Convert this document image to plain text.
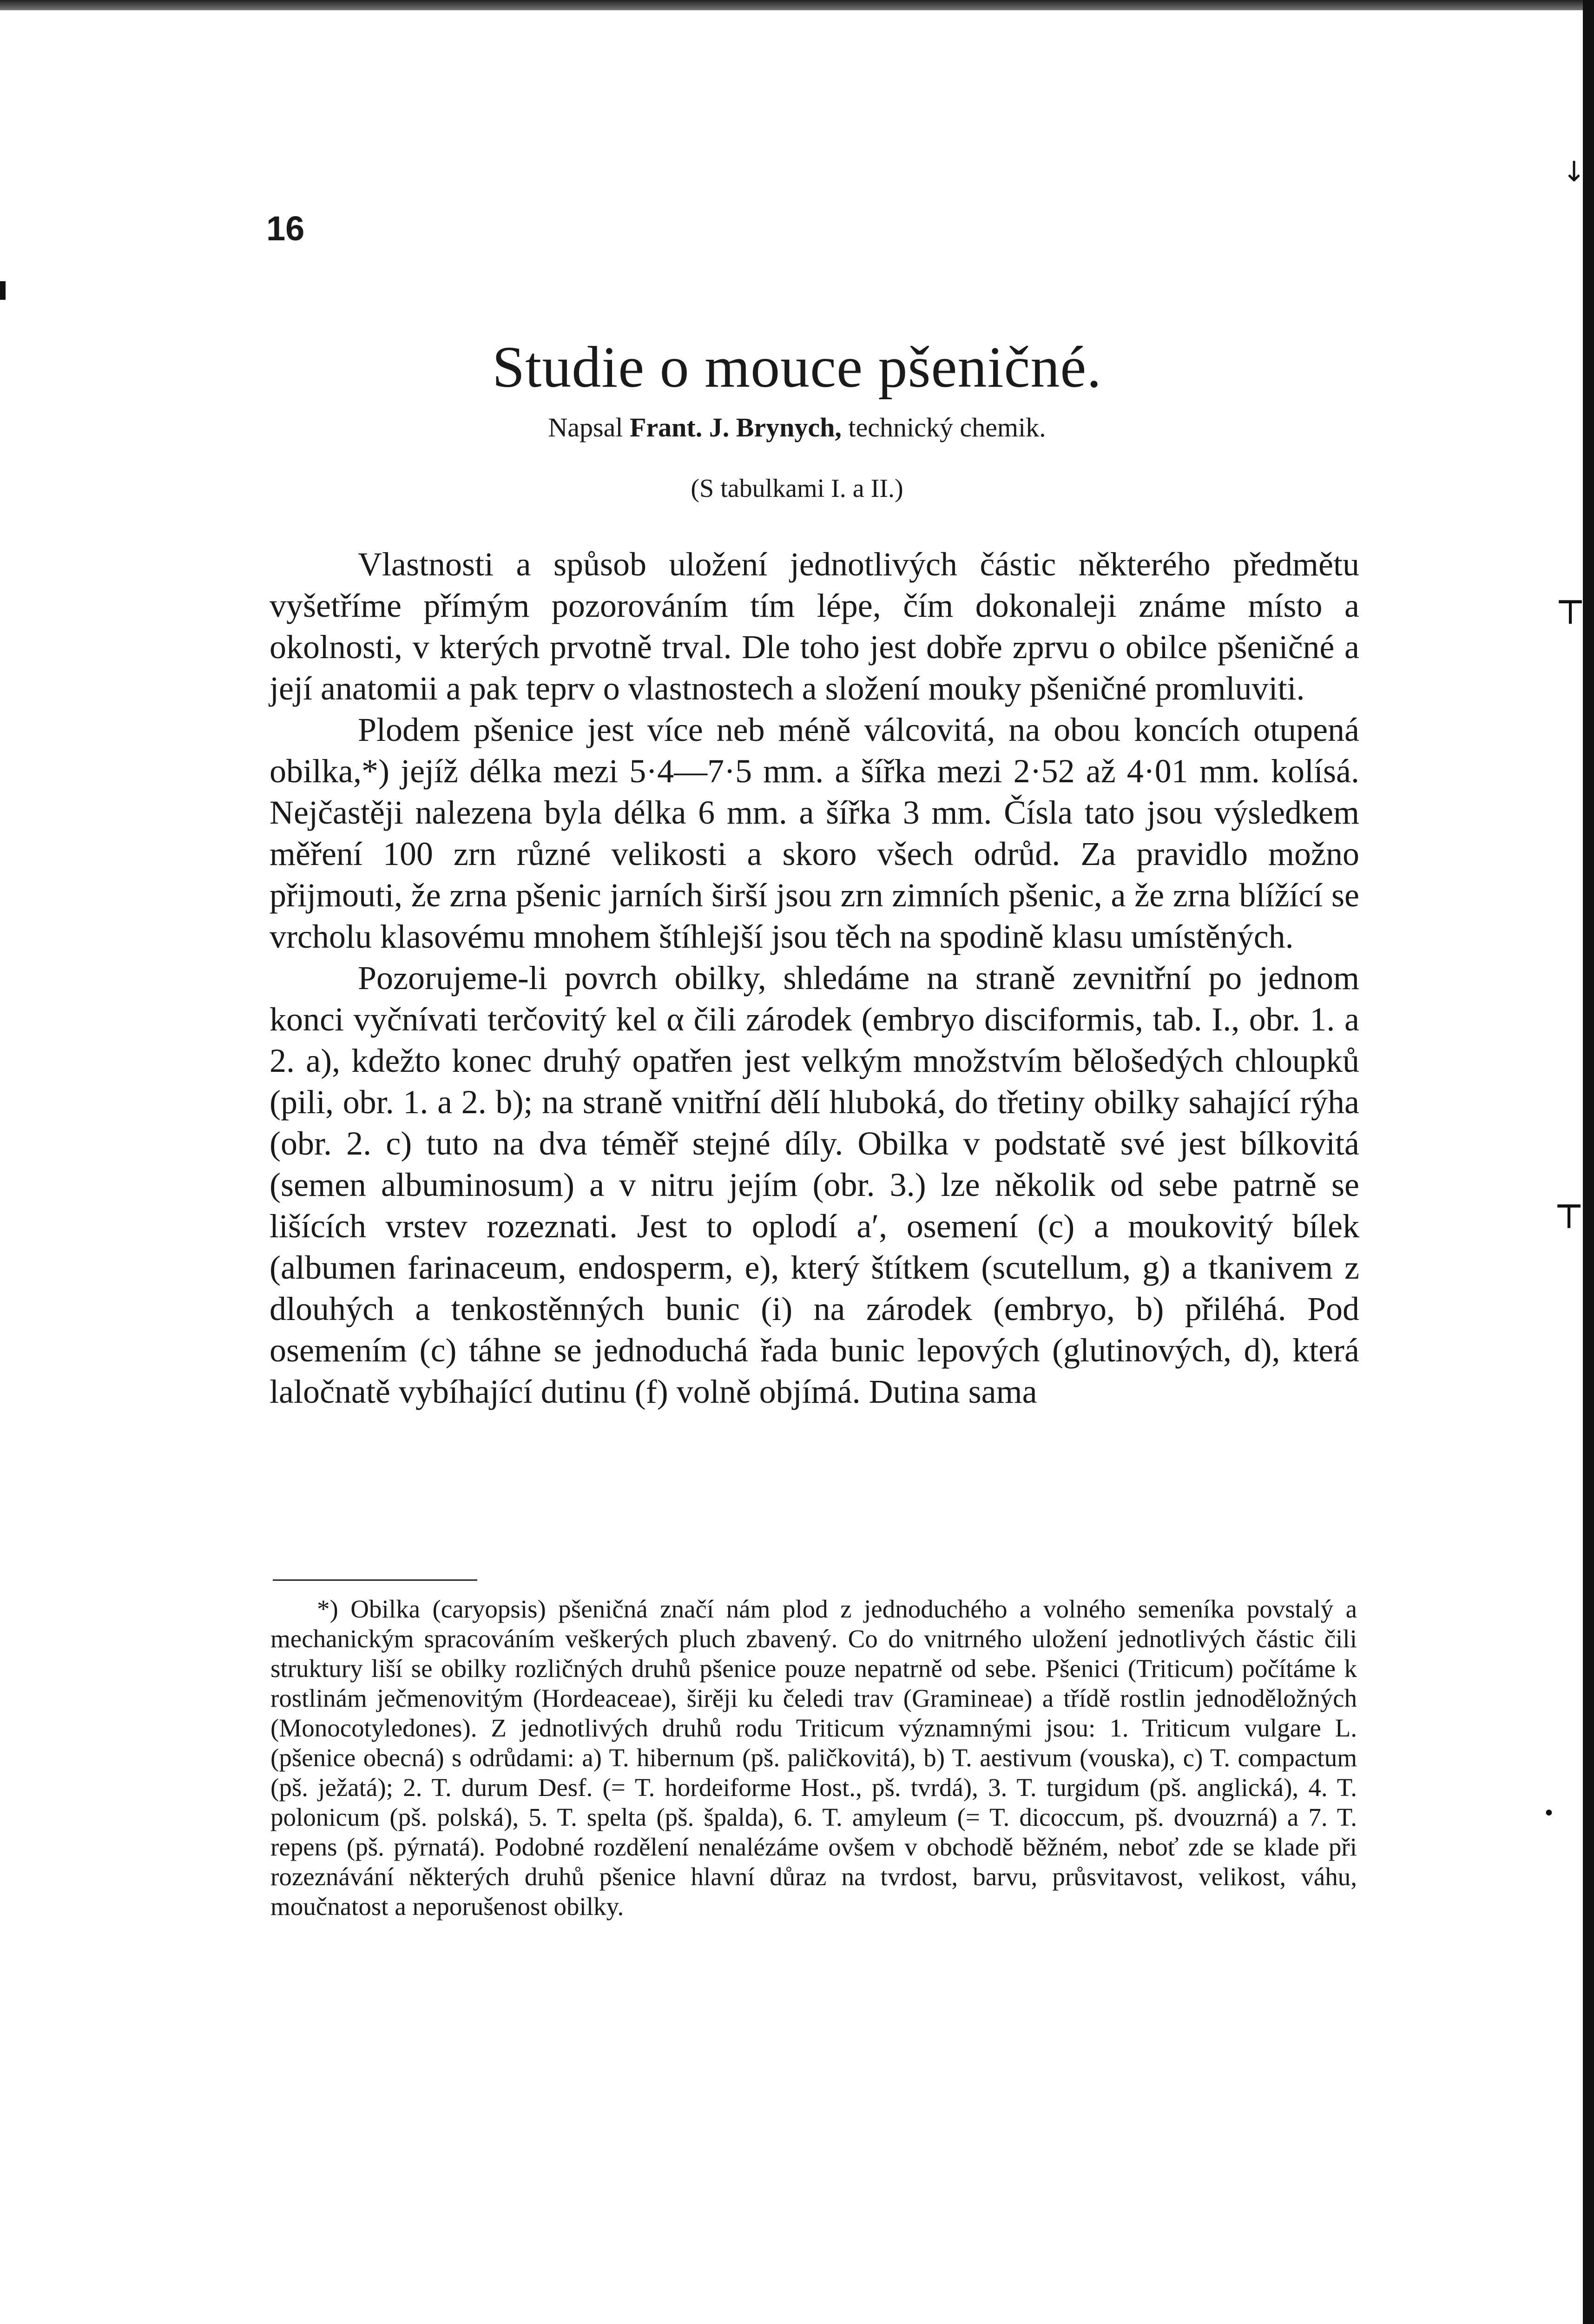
↓
┬
┬
•
16
Studie o mouce pšeničné.
Napsal Frant. J. Brynych, technický chemik.
(S tabulkami I. a II.)

Vlastnosti a spůsob uložení jednotlivých částic některého předmětu vyšetříme přímým pozorováním tím lépe, čím dokonaleji známe místo a okolnosti, v kterých prvotně trval. Dle toho jest dobře zprvu o obilce pšeničné a její anatomii a pak teprv o vlastnostech a složení mouky pšeničné promluviti.

Plodem pšenice jest více neb méně válcovitá, na obou koncích otupená obilka,*) jejíž délka mezi 5·4—7·5 mm. a šířka mezi 2·52 až 4·01 mm. kolísá. Nejčastěji nalezena byla délka 6 mm. a šířka 3 mm. Čísla tato jsou výsledkem měření 100 zrn různé velikosti a skoro všech odrůd. Za pravidlo možno přijmouti, že zrna pšenic jarních širší jsou zrn zimních pšenic, a že zrna blížící se vrcholu klasovému mnohem štíhlejší jsou těch na spodině klasu umístěných.

Pozorujeme-li povrch obilky, shledáme na straně zevnitřní po jednom konci vyčnívati terčovitý kel α čili zárodek (embryo disciformis, tab. I., obr. 1. a 2. a), kdežto konec druhý opatřen jest velkým množstvím bělošedých chloupků (pili, obr. 1. a 2. b); na straně vnitřní dělí hluboká, do třetiny obilky sahající rýha (obr. 2. c) tuto na dva téměř stejné díly. Obilka v podstatě své jest bílkovitá (semen albuminosum) a v nitru jejím (obr. 3.) lze několik od sebe patrně se lišících vrstev rozeznati. Jest to oplodí a′, osemení (c) a moukovitý bílek (albumen farinaceum, endosperm, e), který štítkem (scutellum, g) a tkanivem z dlouhých a tenkostěnných bunic (i) na zárodek (embryo, b) přiléhá. Pod osemením (c) táhne se jednoduchá řada bunic lepových (glutinových, d), která laločnatě vybíhající dutinu (f) volně objímá. Dutina sama

*) Obilka (caryopsis) pšeničná značí nám plod z jednoduchého a volného semeníka povstalý a mechanickým spracováním veškerých pluch zbavený. Co do vnitrného uložení jednotlivých částic čili struktury liší se obilky rozličných druhů pšenice pouze nepatrně od sebe. Pšenici (Triticum) počítáme k rostlinám ječmenovitým (Hordeaceae), širěji ku čeledi trav (Gramineae) a třídě rostlin jednoděložných (Monocotyledones). Z jednotlivých druhů rodu Triticum významnými jsou: 1. Triticum vulgare L. (pšenice obecná) s odrůdami: a) T. hibernum (pš. paličkovitá), b) T. aestivum (vouska), c) T. compactum (pš. ježatá); 2. T. durum Desf. (= T. hordeiforme Host., pš. tvrdá), 3. T. turgidum (pš. anglická), 4. T. polonicum (pš. polská), 5. T. spelta (pš. špalda), 6. T. amyleum (= T. dicoccum, pš. dvouzrná) a 7. T. repens (pš. pýrnatá). Podobné rozdělení nenalézáme ovšem v obchodě běžném, neboť zde se klade při rozeznávání některých druhů pšenice hlavní důraz na tvrdost, barvu, průsvitavost, velikost, váhu, moučnatost a neporušenost obilky.
